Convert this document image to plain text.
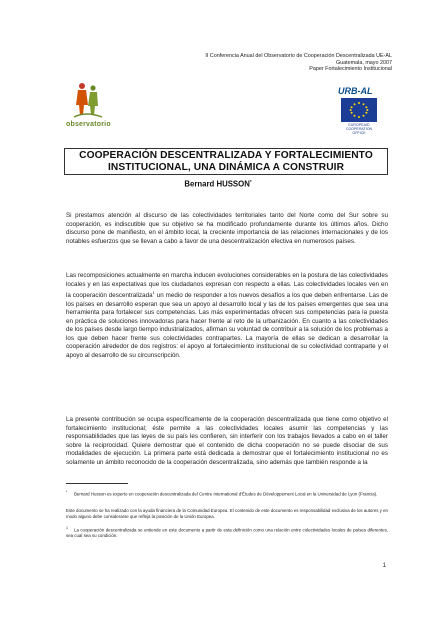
II Conferencia Anual del Observatorio de Cooperación Descentralizada UE-AL
Guatemala, mayo 2007
Paper Fortalecimiento Institucional
observatorio
URB-AL
EUROPEAID COOPERATION OFFICE
COOPERACIÓN DESCENTRALIZADA Y FORTALECIMIENTO
INSTITUCIONAL, UNA DINÁMICA A CONSTRUIR
Bernard HUSSON*

Si prestamos atención al discurso de las colectividades territoriales tanto del Norte como del Sur sobre su cooperación, es indiscutible que su objetivo se ha modificado profundamente durante los últimos años. Dicho discurso pone de manifiesto, en el ámbito local, la creciente importancia de las relaciones internacionales y de los notables esfuerzos que se llevan a cabo a favor de una descentralización efectiva en numerosos países.

Las recomposiciones actualmente en marcha inducen evoluciones considerables en la postura de las colectividades locales y en las expectativas que los ciudadanos expresan con respecto a ellas. Las colectividades locales ven en la cooperación descentralizada$^1$ un medio de responder a los nuevos desafíos a los que deben enfrentarse. Las de los países en desarrollo esperan que sea un apoyo al desarrollo local y las de los países emergentes que sea una herramienta para fortalecer sus competencias. Las más experimentadas ofrecen sus competencias para la puesta en práctica de soluciones innovadoras para hacer frente al reto de la urbanización. En cuanto a las colectividades de los países desde largo tiempo industrializados, afirman su voluntad de contribuir a la solución de los problemas a los que deben hacer frente sus colectividades contrapartes. La mayoría de ellas se dedican a desarrollar la cooperación alrededor de dos registros: el apoyo al fortalecimiento institucional de su colectividad contraparte y el apoyo al desarrollo de su circunscripción.

La presente contribución se ocupa específicamente de la cooperación descentralizada que tiene como objetivo el fortalecimiento institucional; éste permite a las colectividades locales asumir las competencias y las responsabilidades que las leyes de su país les confieren, sin interferir con los trabajos llevados a cabo en el taller sobre la reciprocidad. Quiere demostrar que el contenido de dicha cooperación no se puede disociar de sus modalidades de ejecución. La primera parte está dedicada a demostrar que el fortalecimiento institucional no es solamente un ámbito reconocido de la cooperación descentralizada, sino además que también responde a la

* Bernard Husson es experto en cooperación descentralizada del Centre International d'Études de Développement Local en la Universidad de Lyon (Francia).

Este documento se ha realizado con la ayuda financiera de la Comunidad Europea. El contenido de este documento es responsabilidad exclusiva de los autores y en modo alguno debe considerarse que refleja la posición de la Unión Europea.

$^1$ La cooperación descentralizada se entiende en este documento a partir de esta definición como una relación entre colectividades locales de países diferentes, sea cual sea su condición.

1
